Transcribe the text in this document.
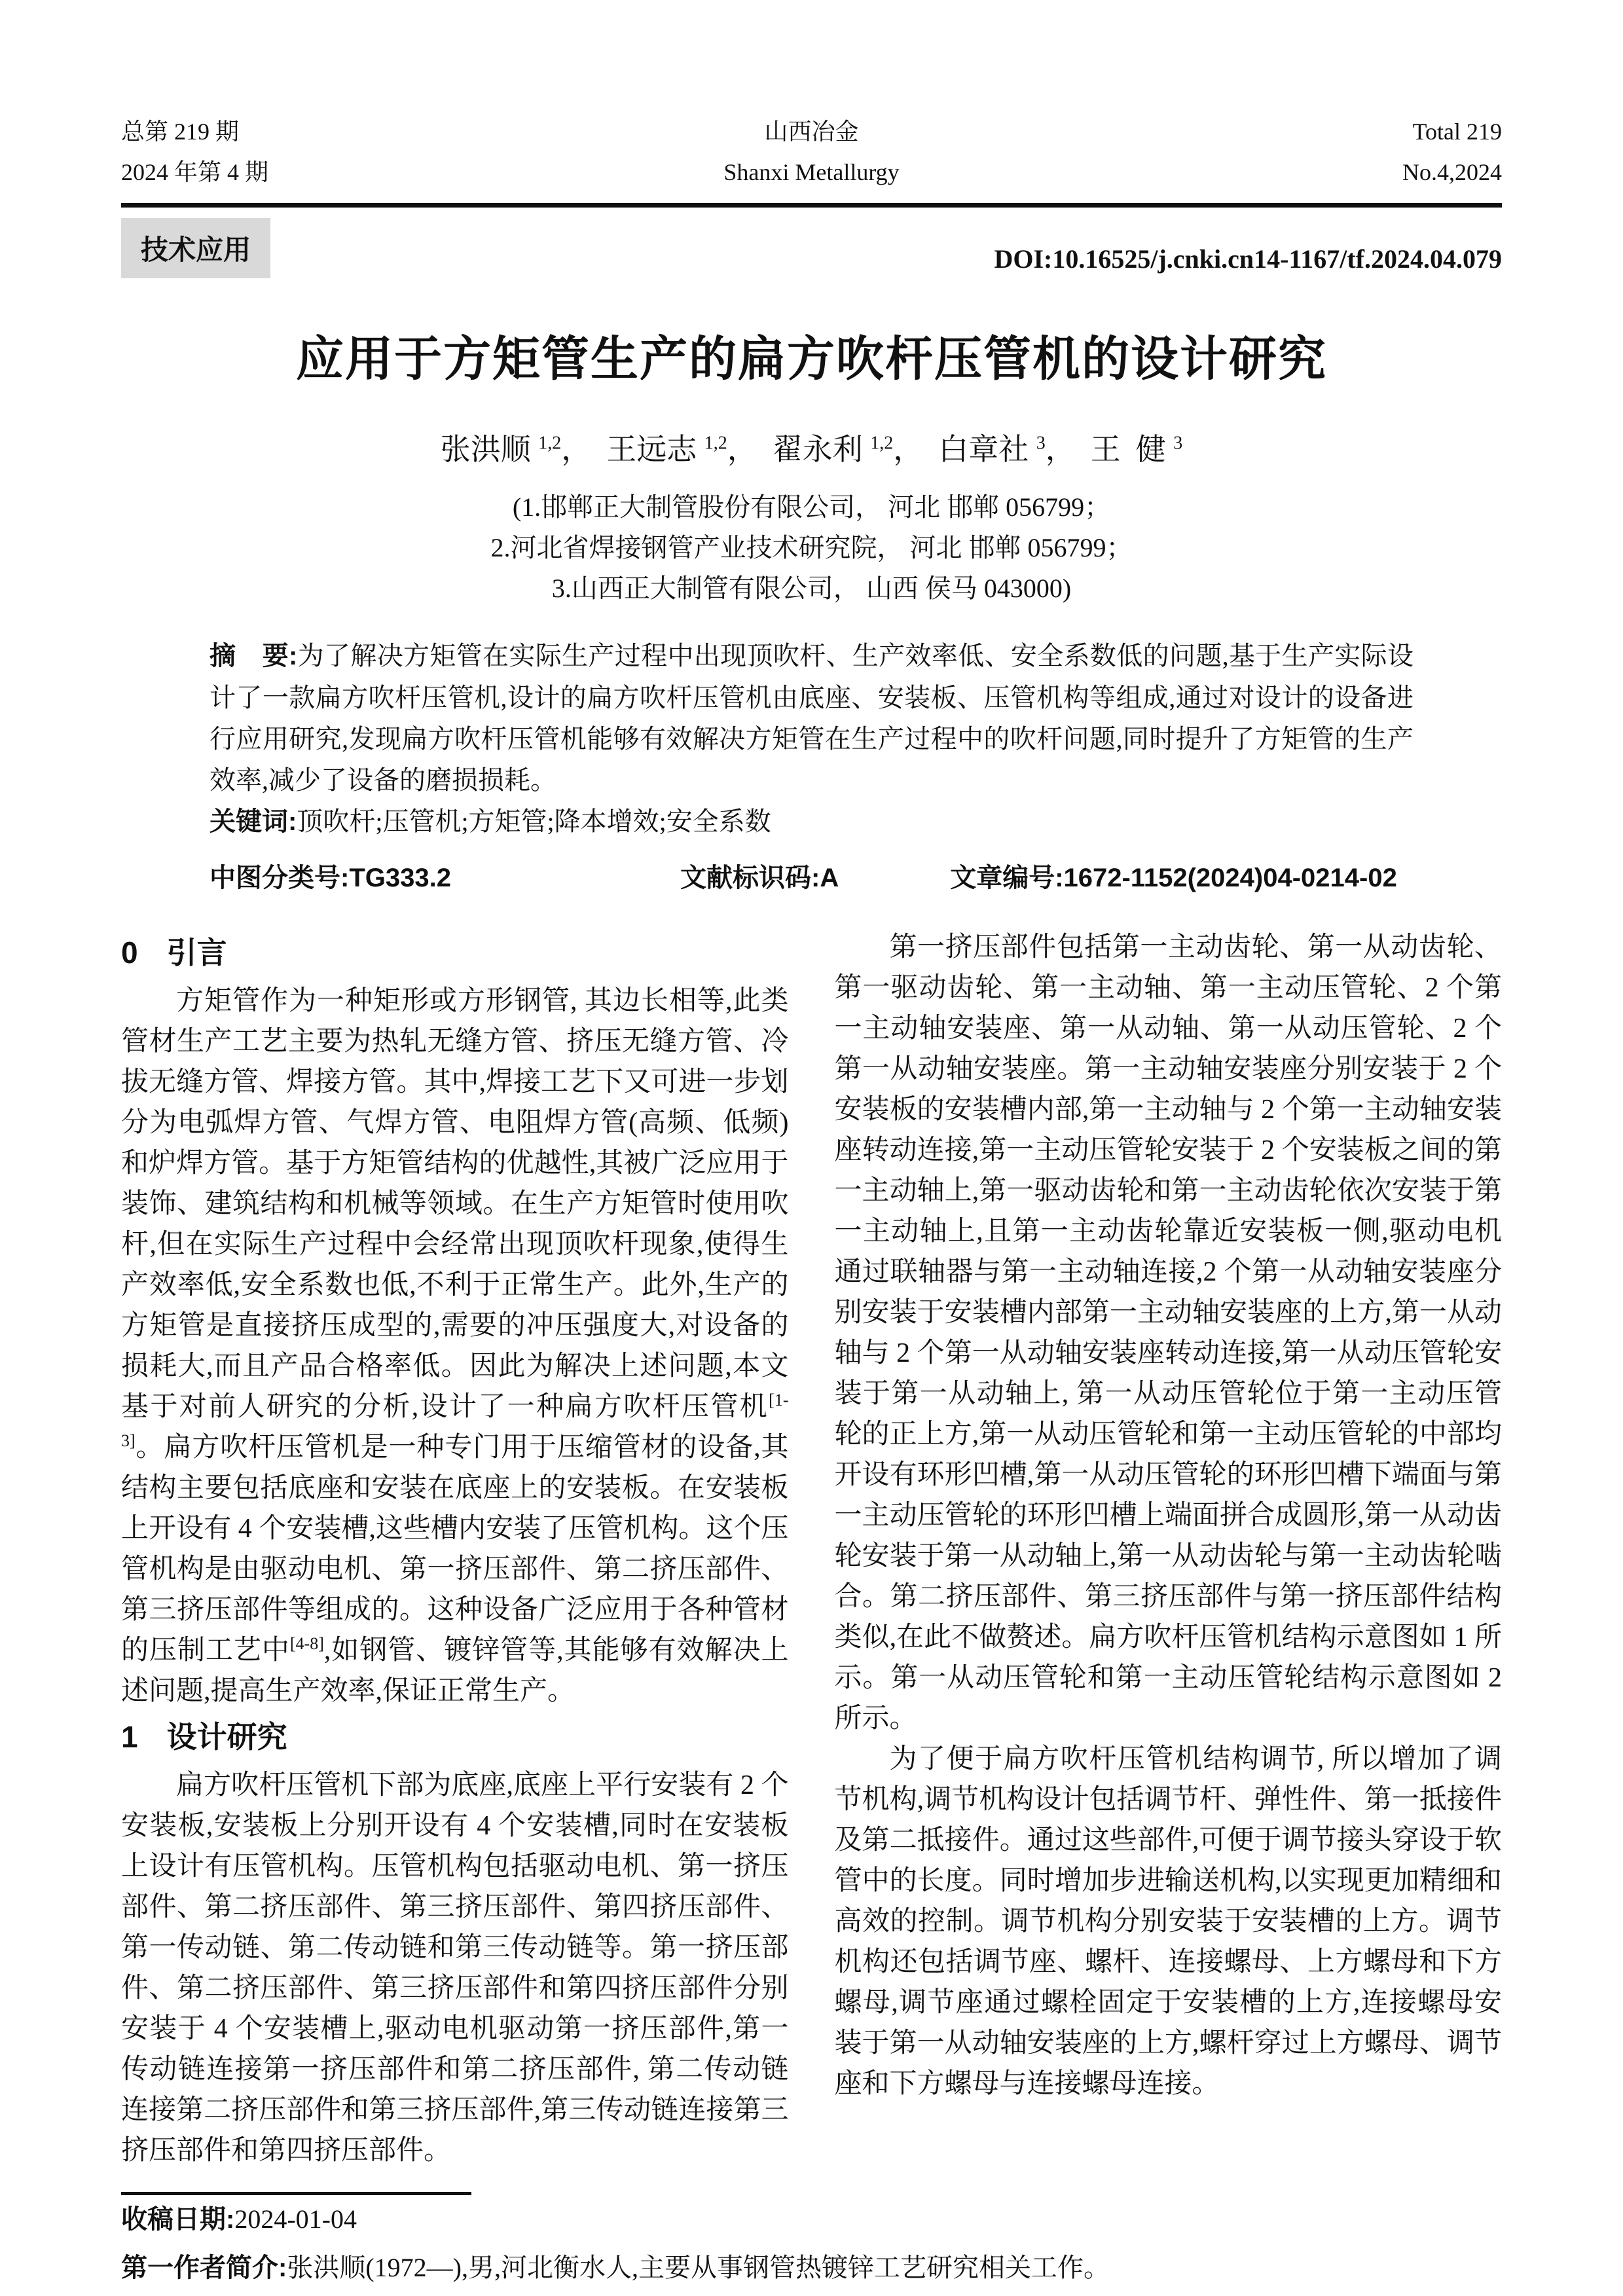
总第 219 期	山西冶金	Total 219
2024 年第 4 期	Shanxi Metallurgy	No.4,2024
技术应用	DOI:10.16525/j.cnki.cn14-1167/tf.2024.04.079
应用于方矩管生产的扁方吹杆压管机的设计研究
张洪顺 $^{1,2}$，  王远志 $^{1,2}$，  翟永利 $^{1,2}$，  白章社 $^3$，  王  健 $^3$
(1.邯郸正大制管股份有限公司， 河北 邯郸 056799；
2.河北省焊接钢管产业技术研究院， 河北 邯郸 056799；
3.山西正大制管有限公司， 山西 侯马 043000)
摘　要:为了解决方矩管在实际生产过程中出现顶吹杆、生产效率低、安全系数低的问题,基于生产实际设计了一款扁方吹杆压管机,设计的扁方吹杆压管机由底座、安装板、压管机构等组成,通过对设计的设备进行应用研究,发现扁方吹杆压管机能够有效解决方矩管在生产过程中的吹杆问题,同时提升了方矩管的生产效率,减少了设备的磨损损耗。
关键词:顶吹杆;压管机;方矩管;降本增效;安全系数
中图分类号:TG333.2	文献标识码:A	文章编号:1672-1152(2024)04-0214-02
0 引言

方矩管作为一种矩形或方形钢管, 其边长相等,此类管材生产工艺主要为热轧无缝方管、挤压无缝方管、冷拔无缝方管、焊接方管。其中,焊接工艺下又可进一步划分为电弧焊方管、气焊方管、电阻焊方管(高频、低频)和炉焊方管。基于方矩管结构的优越性,其被广泛应用于装饰、建筑结构和机械等领域。在生产方矩管时使用吹杆,但在实际生产过程中会经常出现顶吹杆现象,使得生产效率低,安全系数也低,不利于正常生产。此外,生产的方矩管是直接挤压成型的,需要的冲压强度大,对设备的损耗大,而且产品合格率低。因此为解决上述问题,本文基于对前人研究的分析,设计了一种扁方吹杆压管机[1-3]。扁方吹杆压管机是一种专门用于压缩管材的设备,其结构主要包括底座和安装在底座上的安装板。在安装板上开设有 4 个安装槽,这些槽内安装了压管机构。这个压管机构是由驱动电机、第一挤压部件、第二挤压部件、第三挤压部件等组成的。这种设备广泛应用于各种管材的压制工艺中[4-8],如钢管、镀锌管等,其能够有效解决上述问题,提高生产效率,保证正常生产。

1 设计研究

扁方吹杆压管机下部为底座,底座上平行安装有 2 个安装板,安装板上分别开设有 4 个安装槽,同时在安装板上设计有压管机构。压管机构包括驱动电机、第一挤压部件、第二挤压部件、第三挤压部件、第四挤压部件、第一传动链、第二传动链和第三传动链等。第一挤压部件、第二挤压部件、第三挤压部件和第四挤压部件分别安装于 4 个安装槽上,驱动电机驱动第一挤压部件,第一传动链连接第一挤压部件和第二挤压部件, 第二传动链连接第二挤压部件和第三挤压部件,第三传动链连接第三挤压部件和第四挤压部件。

第一挤压部件包括第一主动齿轮、第一从动齿轮、第一驱动齿轮、第一主动轴、第一主动压管轮、2 个第一主动轴安装座、第一从动轴、第一从动压管轮、2 个第一从动轴安装座。第一主动轴安装座分别安装于 2 个安装板的安装槽内部,第一主动轴与 2 个第一主动轴安装座转动连接,第一主动压管轮安装于 2 个安装板之间的第一主动轴上,第一驱动齿轮和第一主动齿轮依次安装于第一主动轴上,且第一主动齿轮靠近安装板一侧,驱动电机通过联轴器与第一主动轴连接,2 个第一从动轴安装座分别安装于安装槽内部第一主动轴安装座的上方,第一从动轴与 2 个第一从动轴安装座转动连接,第一从动压管轮安装于第一从动轴上, 第一从动压管轮位于第一主动压管轮的正上方,第一从动压管轮和第一主动压管轮的中部均开设有环形凹槽,第一从动压管轮的环形凹槽下端面与第一主动压管轮的环形凹槽上端面拼合成圆形,第一从动齿轮安装于第一从动轴上,第一从动齿轮与第一主动齿轮啮合。第二挤压部件、第三挤压部件与第一挤压部件结构类似,在此不做赘述。扁方吹杆压管机结构示意图如 1 所示。第一从动压管轮和第一主动压管轮结构示意图如 2 所示。

为了便于扁方吹杆压管机结构调节, 所以增加了调节机构,调节机构设计包括调节杆、弹性件、第一抵接件及第二抵接件。通过这些部件,可便于调节接头穿设于软管中的长度。同时增加步进输送机构,以实现更加精细和高效的控制。调节机构分别安装于安装槽的上方。调节机构还包括调节座、螺杆、连接螺母、上方螺母和下方螺母,调节座通过螺栓固定于安装槽的上方,连接螺母安装于第一从动轴安装座的上方,螺杆穿过上方螺母、调节座和下方螺母与连接螺母连接。

收稿日期:2024-01-04
第一作者简介:张洪顺(1972—),男,河北衡水人,主要从事钢管热镀锌工艺研究相关工作。
